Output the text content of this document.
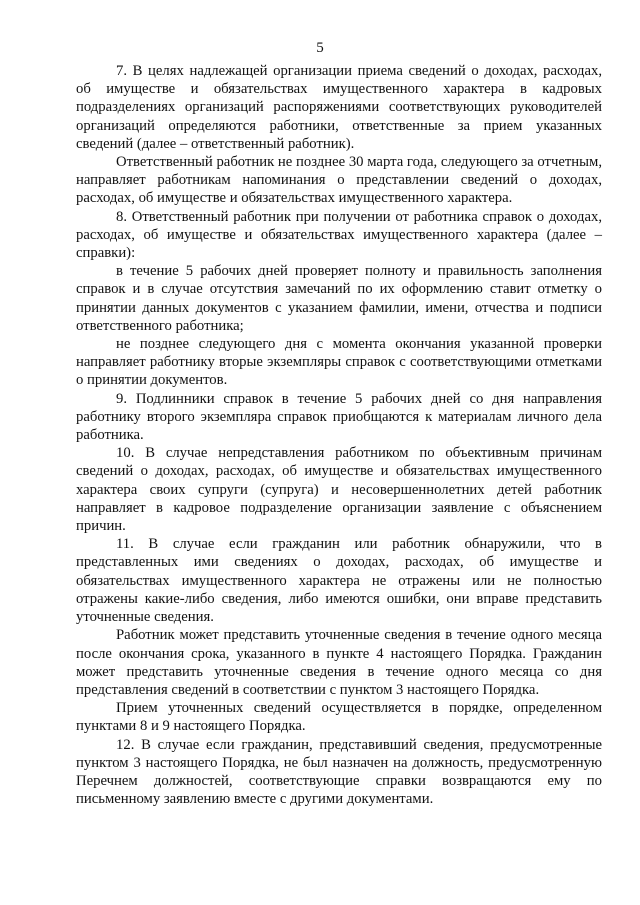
5

7. В целях надлежащей организации приема сведений о доходах, расходах, об имуществе и обязательствах имущественного характера в кадровых подразделениях организаций распоряжениями соответствующих руководителей организаций определяются работники, ответственные за прием указанных сведений (далее – ответственный работник).

Ответственный работник не позднее 30 марта года, следующего за отчетным, направляет работникам напоминания о представлении сведений о доходах, расходах, об имуществе и обязательствах имущественного характера.

8. Ответственный работник при получении от работника справок о доходах, расходах, об имуществе и обязательствах имущественного характера (далее – справки):

в течение 5 рабочих дней проверяет полноту и правильность заполнения справок и в случае отсутствия замечаний по их оформлению ставит отметку о принятии данных документов с указанием фамилии, имени, отчества и подписи ответственного работника;

не позднее следующего дня с момента окончания указанной проверки направляет работнику вторые экземпляры справок с соответствующими отметками о принятии документов.

9. Подлинники справок в течение 5 рабочих дней со дня направления работнику второго экземпляра справок приобщаются к материалам личного дела работника.

10. В случае непредставления работником по объективным причинам сведений о доходах, расходах, об имуществе и обязательствах имущественного характера своих супруги (супруга) и несовершеннолетних детей работник направляет в кадровое подразделение организации заявление с объяснением причин.

11. В случае если гражданин или работник обнаружили, что в представленных ими сведениях о доходах, расходах, об имуществе и обязательствах имущественного характера не отражены или не полностью отражены какие-либо сведения, либо имеются ошибки, они вправе представить уточненные сведения.

Работник может представить уточненные сведения в течение одного месяца после окончания срока, указанного в пункте 4 настоящего Порядка. Гражданин может представить уточненные сведения в течение одного месяца со дня представления сведений в соответствии с пунктом 3 настоящего Порядка.

Прием уточненных сведений осуществляется в порядке, определенном пунктами 8 и 9 настоящего Порядка.

12. В случае если гражданин, представивший сведения, предусмотренные пунктом 3 настоящего Порядка, не был назначен на должность, предусмотренную Перечнем должностей, соответствующие справки возвращаются ему по письменному заявлению вместе с другими документами.
